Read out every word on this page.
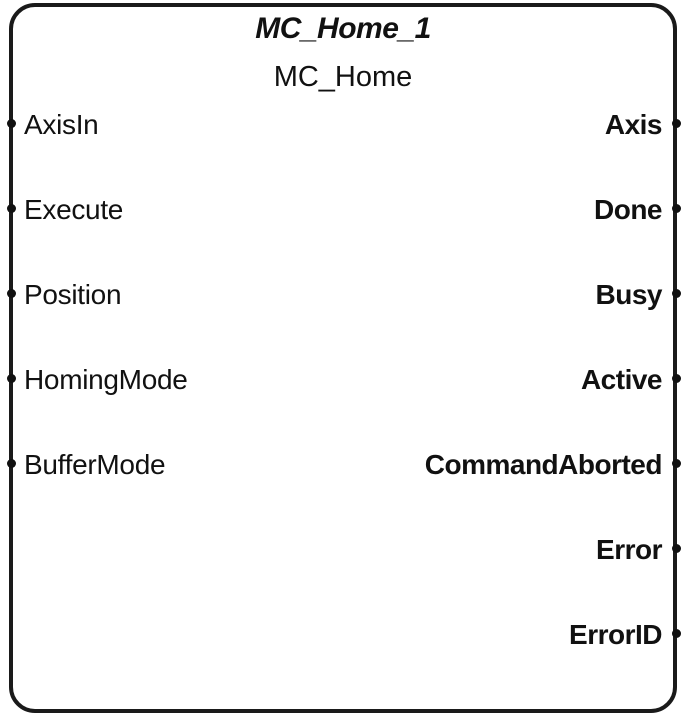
MC_Home_1
MC_Home
AxisIn
Execute
Position
HomingMode
BufferMode
Axis
Done
Busy
Active
CommandAborted
Error
ErrorID
